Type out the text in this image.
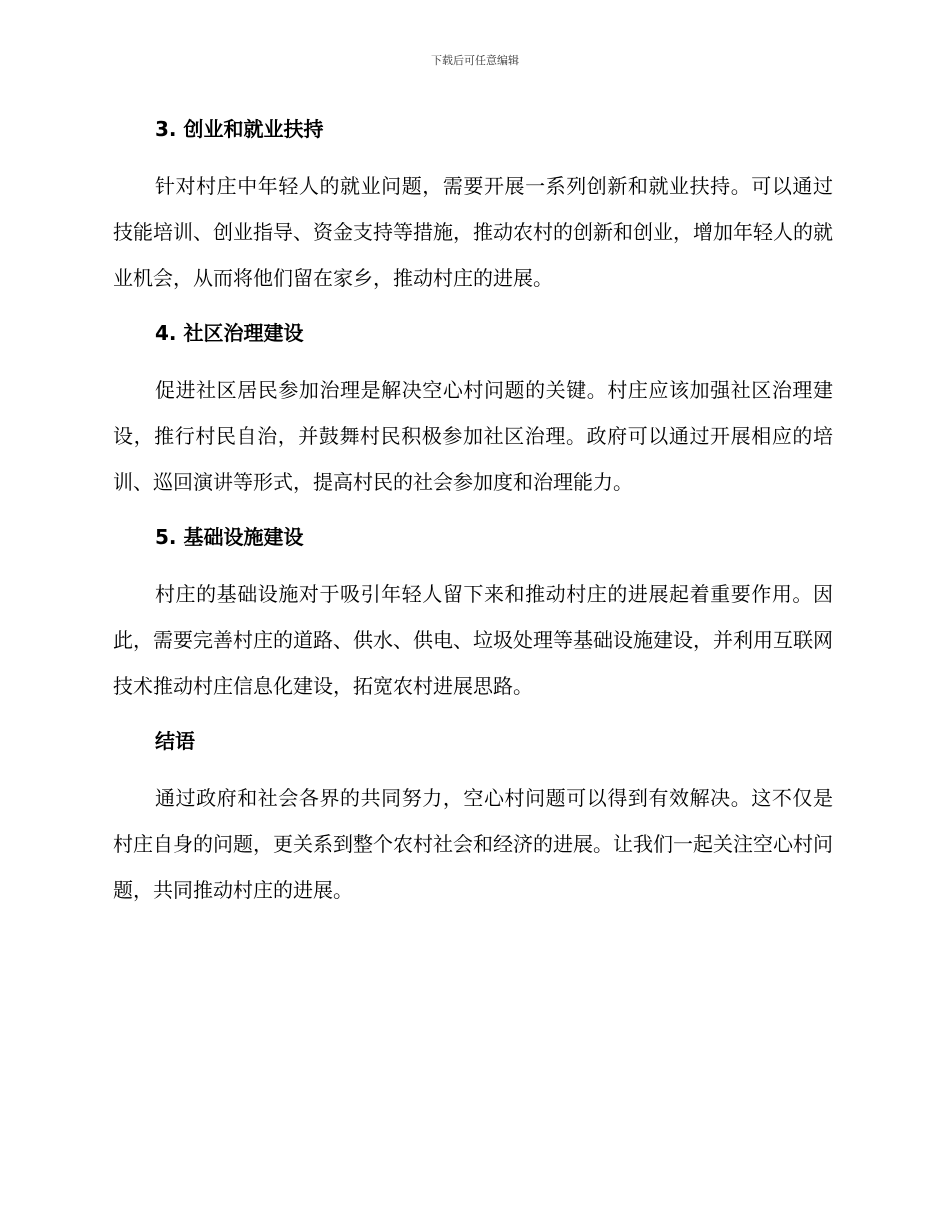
下载后可任意编辑
3. 创业和就业扶持

针对村庄中年轻人的就业问题，需要开展一系列创新和就业扶持。可以通过技能培训、创业指导、资金支持等措施，推动农村的创新和创业，增加年轻人的就业机会，从而将他们留在家乡，推动村庄的进展。

4. 社区治理建设

促进社区居民参加治理是解决空心村问题的关键。村庄应该加强社区治理建设，推行村民自治，并鼓舞村民积极参加社区治理。政府可以通过开展相应的培训、巡回演讲等形式，提高村民的社会参加度和治理能力。

5. 基础设施建设

村庄的基础设施对于吸引年轻人留下来和推动村庄的进展起着重要作用。因此，需要完善村庄的道路、供水、供电、垃圾处理等基础设施建设，并利用互联网技术推动村庄信息化建设，拓宽农村进展思路。

结语

通过政府和社会各界的共同努力，空心村问题可以得到有效解决。这不仅是村庄自身的问题，更关系到整个农村社会和经济的进展。让我们一起关注空心村问题，共同推动村庄的进展。
